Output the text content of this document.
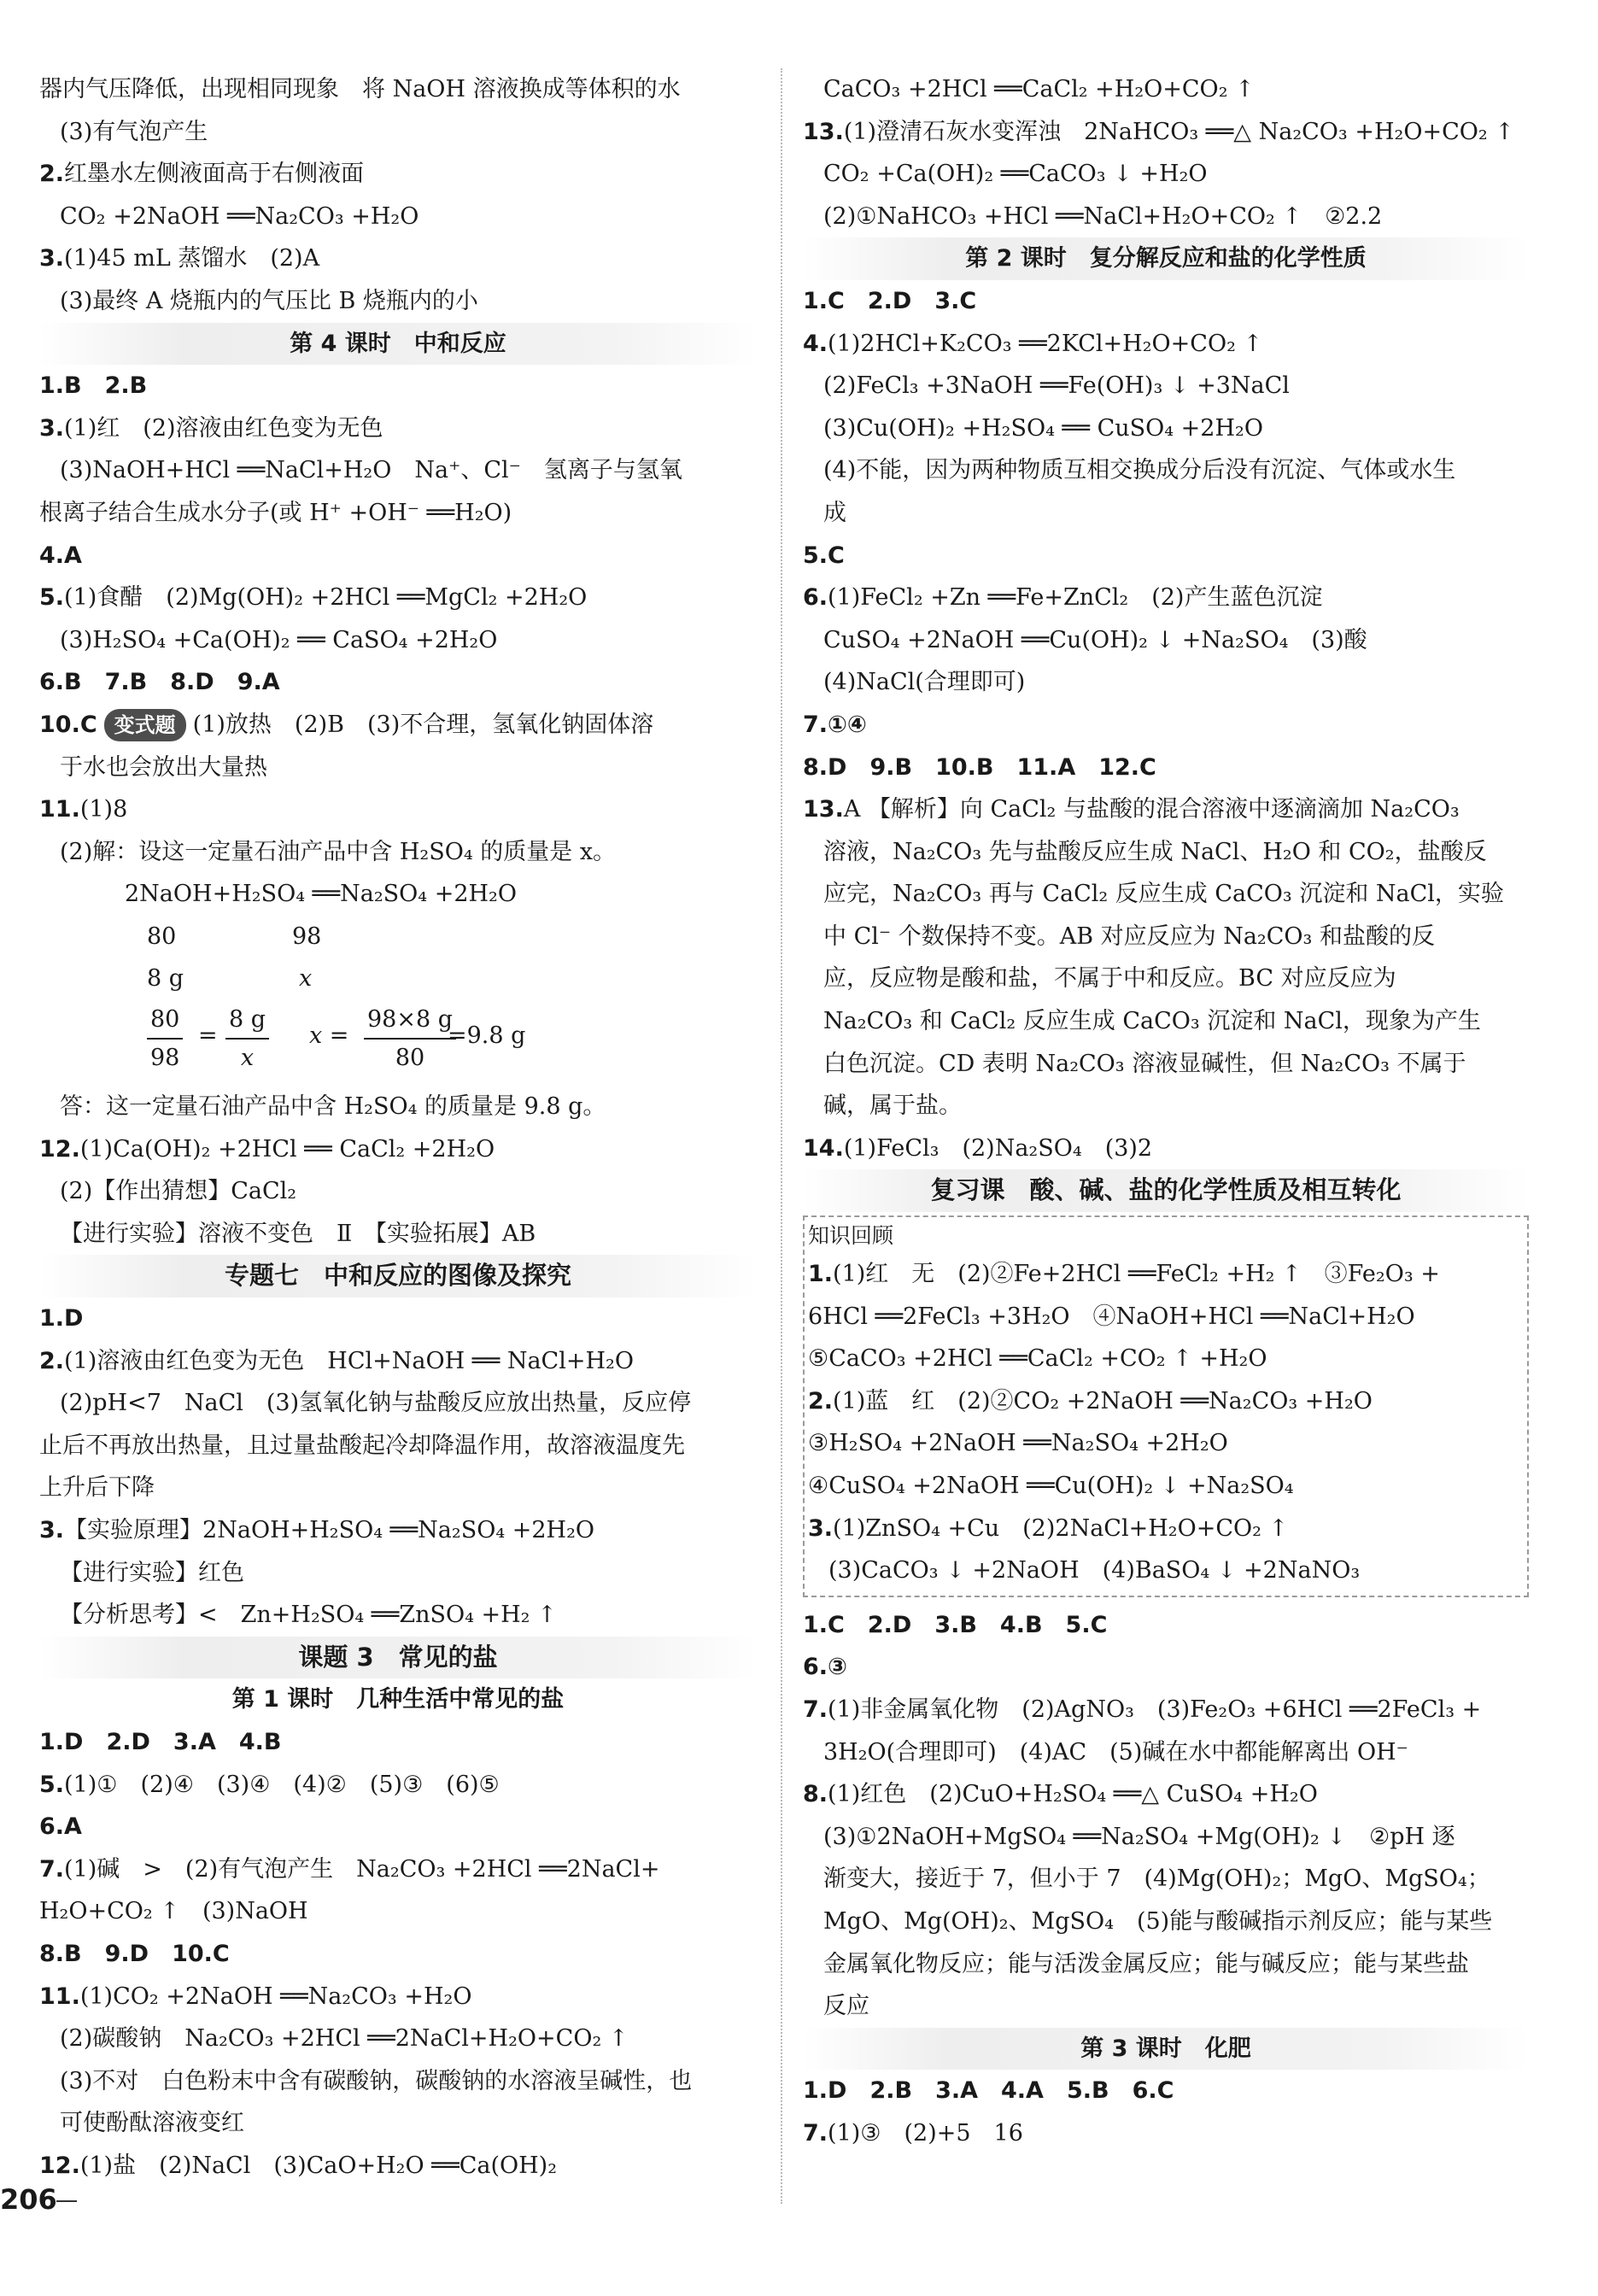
器内气压降低，出现相同现象　将 NaOH 溶液换成等体积的水
(3)有气泡产生
2.红墨水左侧液面高于右侧液面
CO₂ +2NaOH ══Na₂CO₃ +H₂O
3.(1)45 mL 蒸馏水　(2)A
(3)最终 A 烧瓶内的气压比 B 烧瓶内的小
第 4 课时　中和反应
1.B　2.B
3.(1)红　(2)溶液由红色变为无色
(3)NaOH+HCl ══NaCl+H₂O　Na⁺、Cl⁻　氢离子与氢氧
根离子结合生成水分子(或 H⁺ +OH⁻ ══H₂O)
4.A
5.(1)食醋　(2)Mg(OH)₂ +2HCl ══MgCl₂ +2H₂O
(3)H₂SO₄ +Ca(OH)₂ ══ CaSO₄ +2H₂O
6.B　7.B　8.D　9.A
10.C 变式题 (1)放热　(2)B　(3)不合理，氢氧化钠固体溶
于水也会放出大量热
11.(1)8
(2)解：设这一定量石油产品中含 H₂SO₄ 的质量是 x。
2NaOH+H₂SO₄ ══Na₂SO₄ +2H₂O
80	98
8 g	x
$\frac{80}{98} = \frac{8 g}{x}$ $x = \frac{98\times 8 g}{80}$
=9.8 g
答：这一定量石油产品中含 H₂SO₄ 的质量是 9.8 g。
12.(1)Ca(OH)₂ +2HCl ══ CaCl₂ +2H₂O
(2)【作出猜想】CaCl₂
【进行实验】溶液不变色　Ⅱ　【实验拓展】AB
专题七　中和反应的图像及探究
1.D
2.(1)溶液由红色变为无色　HCl+NaOH ══ NaCl+H₂O
(2)pH<7　NaCl　(3)氢氧化钠与盐酸反应放出热量，反应停
止后不再放出热量，且过量盐酸起冷却降温作用，故溶液温度先
上升后下降
3.【实验原理】2NaOH+H₂SO₄ ══Na₂SO₄ +2H₂O
【进行实验】红色
【分析思考】<　Zn+H₂SO₄ ══ZnSO₄ +H₂ ↑
课题 3　常见的盐
第 1 课时　几种生活中常见的盐
1.D　2.D　3.A　4.B
5.(1)①　(2)④　(3)④　(4)②　(5)③　(6)⑤
6.A
7.(1)碱　>　(2)有气泡产生　Na₂CO₃ +2HCl ══2NaCl+
H₂O+CO₂ ↑　(3)NaOH
8.B　9.D　10.C
11.(1)CO₂ +2NaOH ══Na₂CO₃ +H₂O
(2)碳酸钠　Na₂CO₃ +2HCl ══2NaCl+H₂O+CO₂ ↑
(3)不对　白色粉末中含有碳酸钠，碳酸钠的水溶液呈碱性，也
可使酚酞溶液变红
12.(1)盐　(2)NaCl　(3)CaO+H₂O ══Ca(OH)₂
CaCO₃ +2HCl ══CaCl₂ +H₂O+CO₂ ↑
13.(1)澄清石灰水变浑浊　2NaHCO₃ ══△ Na₂CO₃ +H₂O+CO₂ ↑
CO₂ +Ca(OH)₂ ══CaCO₃ ↓ +H₂O
(2)①NaHCO₃ +HCl ══NaCl+H₂O+CO₂ ↑　②2.2
第 2 课时　复分解反应和盐的化学性质
1.C　2.D　3.C
4.(1)2HCl+K₂CO₃ ══2KCl+H₂O+CO₂ ↑
(2)FeCl₃ +3NaOH ══Fe(OH)₃ ↓ +3NaCl
(3)Cu(OH)₂ +H₂SO₄ ══ CuSO₄ +2H₂O
(4)不能，因为两种物质互相交换成分后没有沉淀、气体或水生
成
5.C
6.(1)FeCl₂ +Zn ══Fe+ZnCl₂　(2)产生蓝色沉淀
CuSO₄ +2NaOH ══Cu(OH)₂ ↓ +Na₂SO₄　(3)酸
(4)NaCl(合理即可)
7.①④
8.D　9.B　10.B　11.A　12.C
13.A 【解析】向 CaCl₂ 与盐酸的混合溶液中逐滴滴加 Na₂CO₃
溶液，Na₂CO₃ 先与盐酸反应生成 NaCl、H₂O 和 CO₂，盐酸反
应完，Na₂CO₃ 再与 CaCl₂ 反应生成 CaCO₃ 沉淀和 NaCl，实验
中 Cl⁻ 个数保持不变。AB 对应反应为 Na₂CO₃ 和盐酸的反
应，反应物是酸和盐，不属于中和反应。BC 对应反应为
Na₂CO₃ 和 CaCl₂ 反应生成 CaCO₃ 沉淀和 NaCl，现象为产生
白色沉淀。CD 表明 Na₂CO₃ 溶液显碱性，但 Na₂CO₃ 不属于
碱，属于盐。
14.(1)FeCl₃　(2)Na₂SO₄　(3)2
复习课　酸、碱、盐的化学性质及相互转化
知识回顾
1.(1)红　无　(2)②Fe+2HCl ══FeCl₂ +H₂ ↑　③Fe₂O₃ +
6HCl ══2FeCl₃ +3H₂O　④NaOH+HCl ══NaCl+H₂O
⑤CaCO₃ +2HCl ══CaCl₂ +CO₂ ↑ +H₂O
2.(1)蓝　红　(2)②CO₂ +2NaOH ══Na₂CO₃ +H₂O
③H₂SO₄ +2NaOH ══Na₂SO₄ +2H₂O
④CuSO₄ +2NaOH ══Cu(OH)₂ ↓ +Na₂SO₄
3.(1)ZnSO₄ +Cu　(2)2NaCl+H₂O+CO₂ ↑
(3)CaCO₃ ↓ +2NaOH　(4)BaSO₄ ↓ +2NaNO₃
1.C　2.D　3.B　4.B　5.C
6.③
7.(1)非金属氧化物　(2)AgNO₃　(3)Fe₂O₃ +6HCl ══2FeCl₃ +
3H₂O(合理即可)　(4)AC　(5)碱在水中都能解离出 OH⁻
8.(1)红色　(2)CuO+H₂SO₄ ══△ CuSO₄ +H₂O
(3)①2NaOH+MgSO₄ ══Na₂SO₄ +Mg(OH)₂ ↓　②pH 逐
渐变大，接近于 7，但小于 7　(4)Mg(OH)₂；MgO、MgSO₄；
MgO、Mg(OH)₂、MgSO₄　(5)能与酸碱指示剂反应；能与某些
金属氧化物反应；能与活泼金属反应；能与碱反应；能与某些盐
反应
第 3 课时　化肥
1.D　2.B　3.A　4.A　5.B　6.C
7.(1)③　(2)+5　16
206
